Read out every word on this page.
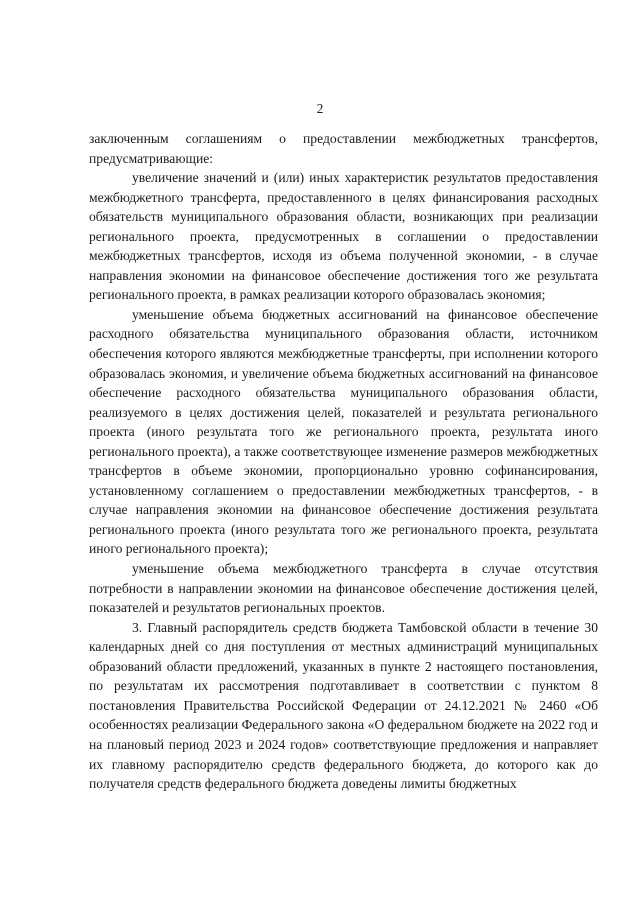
2

заключенным соглашениям о предоставлении межбюджетных трансфертов, предусматривающие:

увеличение значений и (или) иных характеристик результатов предоставления межбюджетного трансферта, предоставленного в целях финансирования расходных обязательств муниципального образования области, возникающих при реализации регионального проекта, предусмотренных в соглашении о предоставлении межбюджетных трансфертов, исходя из объема полученной экономии, - в случае направления экономии на финансовое обеспечение достижения того же результата регионального проекта, в рамках реализации которого образовалась экономия;

уменьшение объема бюджетных ассигнований на финансовое обеспечение расходного обязательства муниципального образования области, источником обеспечения которого являются межбюджетные трансферты, при исполнении которого образовалась экономия, и увеличение объема бюджетных ассигнований на финансовое обеспечение расходного обязательства муниципального образования области, реализуемого в целях достижения целей, показателей и результата регионального проекта (иного результата того же регионального проекта, результата иного регионального проекта), а также соответствующее изменение размеров межбюджетных трансфертов в объеме экономии, пропорционально уровню софинансирования, установленному соглашением о предоставлении межбюджетных трансфертов, - в случае направления экономии на финансовое обеспечение достижения результата регионального проекта (иного результата того же регионального проекта, результата иного регионального проекта);

уменьшение объема межбюджетного трансферта в случае отсутствия потребности в направлении экономии на финансовое обеспечение достижения целей, показателей и результатов региональных проектов.

3. Главный распорядитель средств бюджета Тамбовской области в течение 30 календарных дней со дня поступления от местных администраций муниципальных образований области предложений, указанных в пункте 2 настоящего постановления, по результатам их рассмотрения подготавливает в соответствии с пунктом 8 постановления Правительства Российской Федерации от 24.12.2021 № 2460 «Об особенностях реализации Федерального закона «О федеральном бюджете на 2022 год и на плановый период 2023 и 2024 годов» соответствующие предложения и направляет их главному распорядителю средств федерального бюджета, до которого как до получателя средств федерального бюджета доведены лимиты бюджетных
